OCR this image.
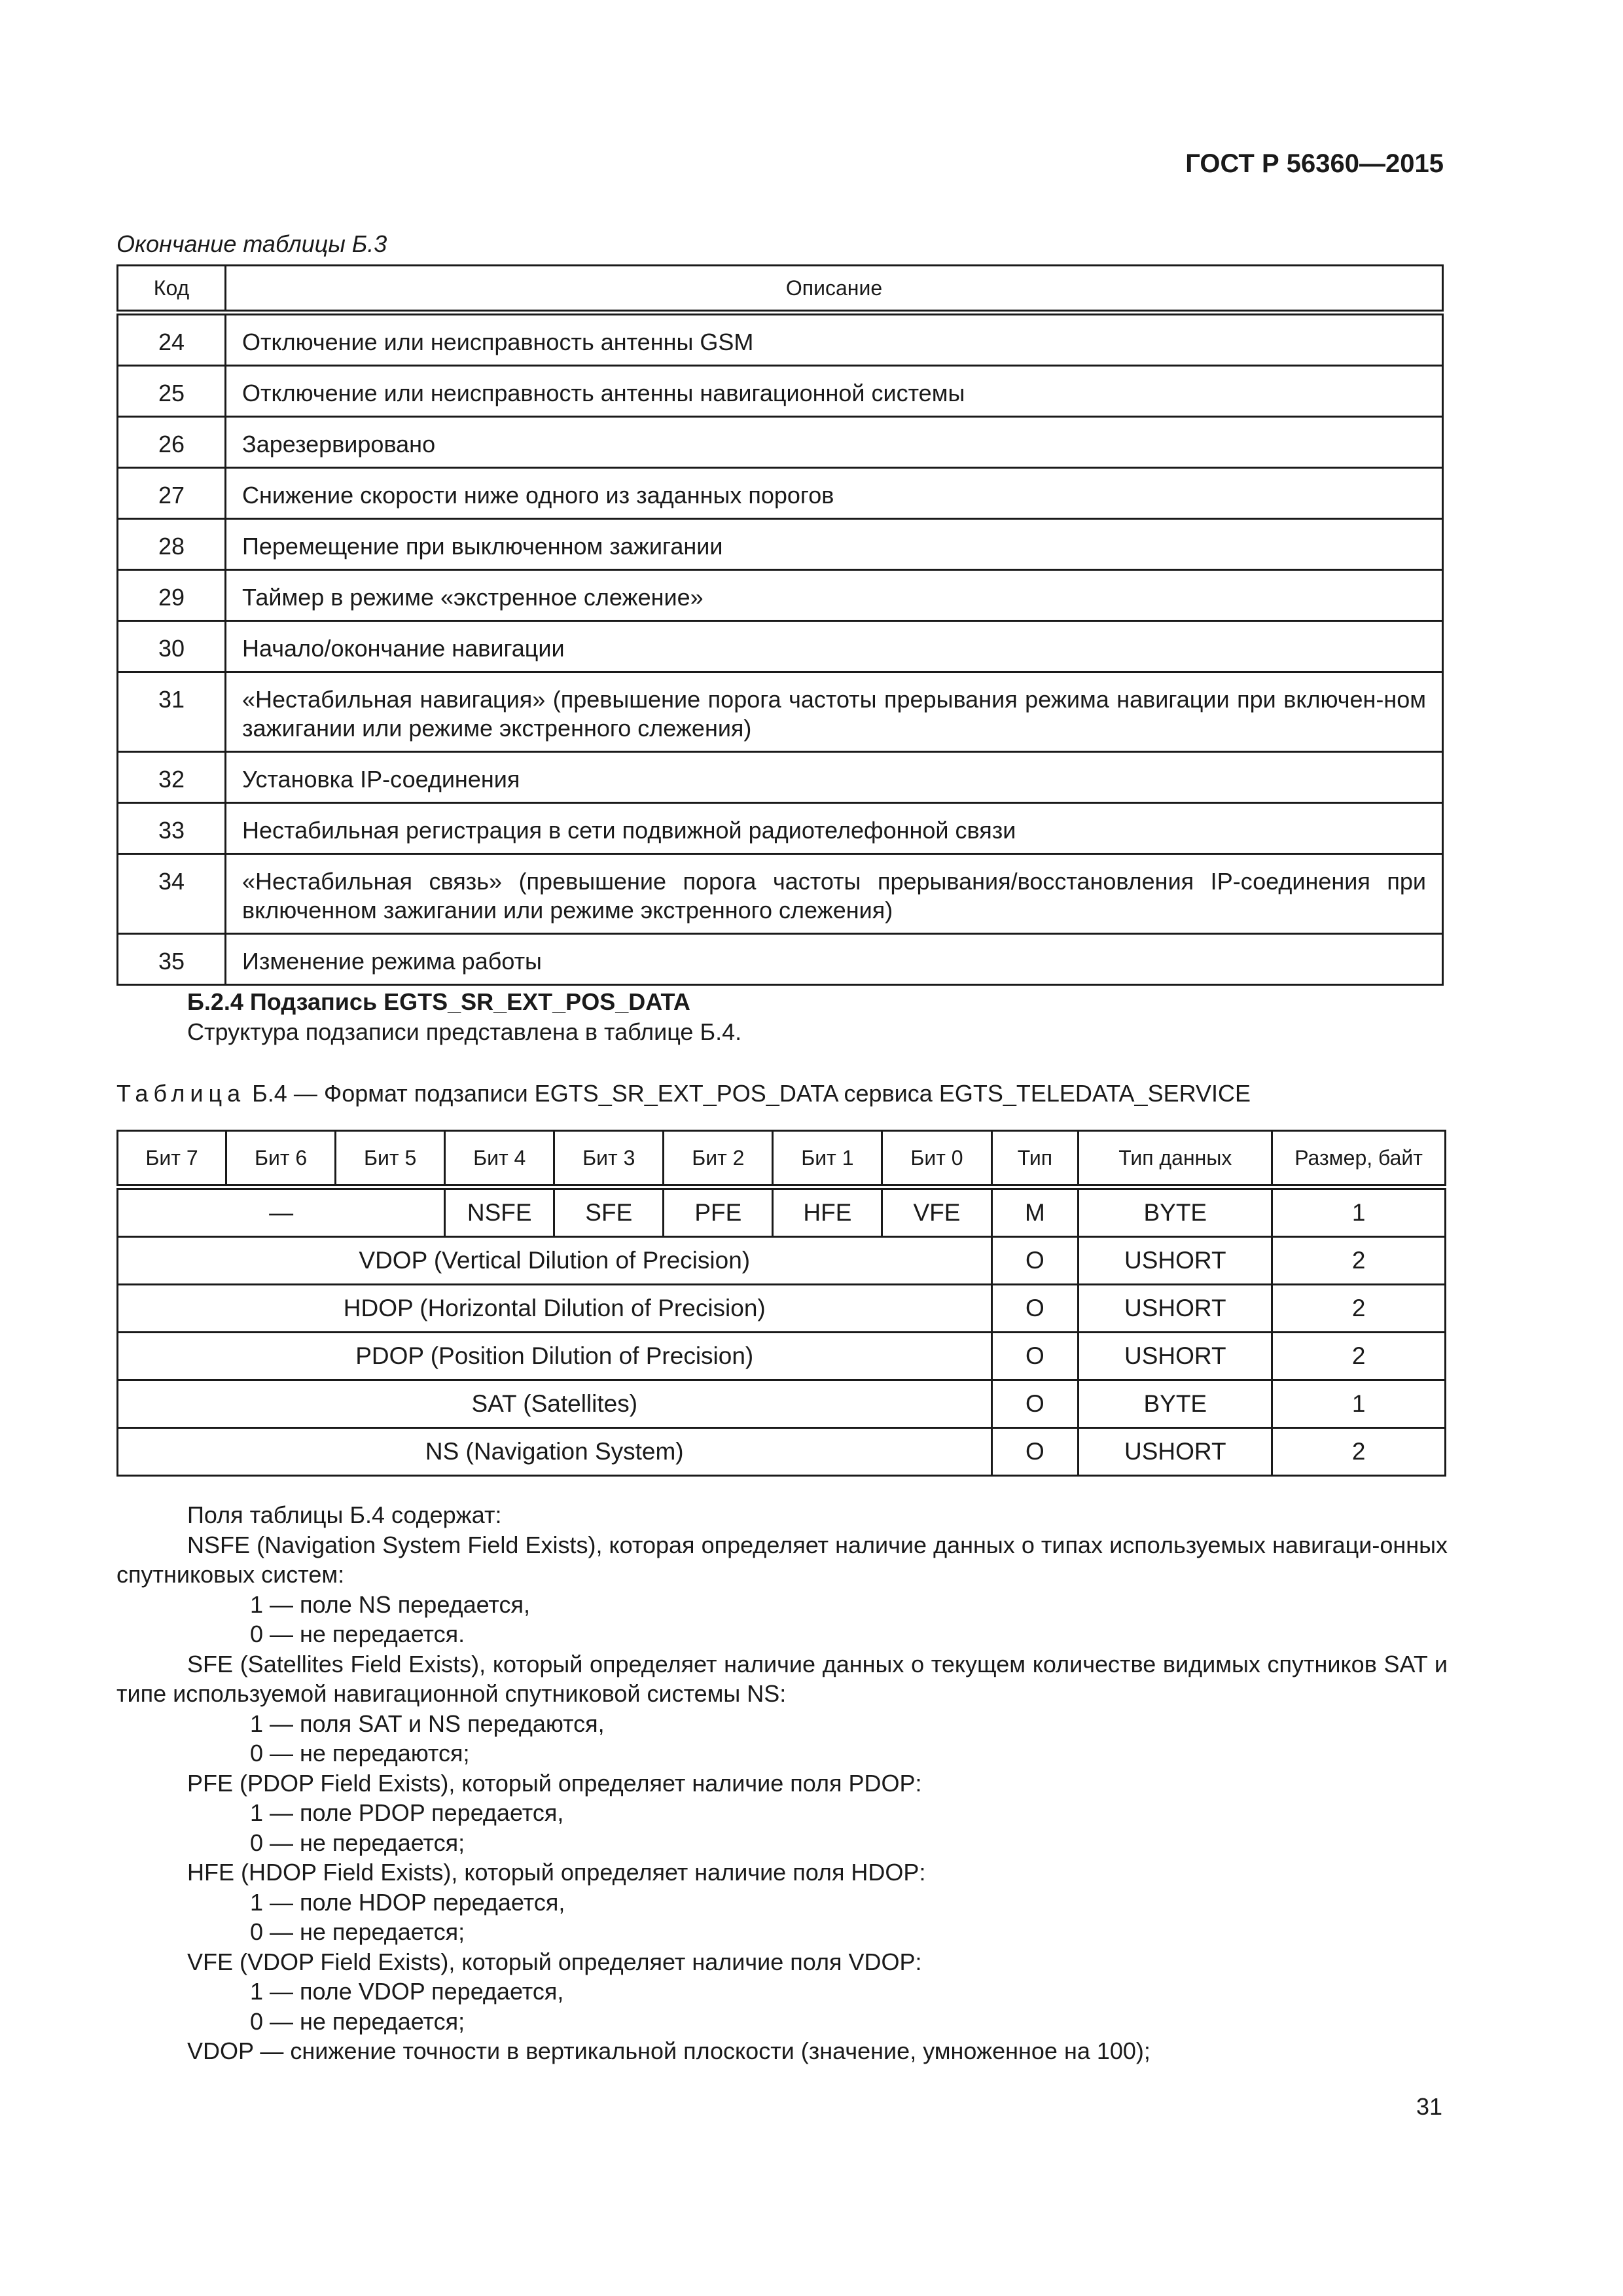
ГОСТ Р 56360—2015
Окончание таблицы Б.3
Код	Описание
24	Отключение или неисправность антенны GSM
25	Отключение или неисправность антенны навигационной системы
26	Зарезервировано
27	Снижение скорости ниже одного из заданных порогов
28	Перемещение при выключенном зажигании
29	Таймер в режиме «экстренное слежение»
30	Начало/окончание навигации
31	«Нестабильная навигация» (превышение порога частоты прерывания режима навигации при включен-ном зажигании или режиме экстренного слежения)
32	Установка IP-соединения
33	Нестабильная регистрация в сети подвижной радиотелефонной связи
34	«Нестабильная связь» (превышение порога частоты прерывания/восстановления IP-соединения при включенном зажигании или режиме экстренного слежения)
35	Изменение режима работы
Б.2.4 Подзапись EGTS_SR_EXT_POS_DATA
Структура подзаписи представлена в таблице Б.4.
Таблица Б.4 — Формат подзаписи EGTS_SR_EXT_POS_DATA сервиса EGTS_TELEDATA_SERVICE
Бит 7	Бит 6	Бит 5	Бит 4	Бит 3	Бит 2	Бит 1	Бит 0	Тип	Тип данных	Размер, байт
—			NSFE	SFE	PFE	HFE	VFE	M	BYTE	1
VDOP (Vertical Dilution of Precision)								O	USHORT	2
HDOP (Horizontal Dilution of Precision)								O	USHORT	2
PDOP (Position Dilution of Precision)								O	USHORT	2
SAT (Satellites)								O	BYTE	1
NS (Navigation System)								O	USHORT	2

Поля таблицы Б.4 содержат:

NSFE (Navigation System Field Exists), которая определяет наличие данных о типах используемых навигаци-онных спутниковых систем:

1 — поле NS передается,

0 — не передается.

SFE (Satellites Field Exists), который определяет наличие данных о текущем количестве видимых спутников SAT и типе используемой навигационной спутниковой системы NS:

1 — поля SAT и NS передаются,

0 — не передаются;

PFE (PDOP Field Exists), который определяет наличие поля PDOP:

1 — поле PDOP передается,

0 — не передается;

HFE (HDOP Field Exists), который определяет наличие поля HDOP:

1 — поле HDOP передается,

0 — не передается;

VFE (VDOP Field Exists), который определяет наличие поля VDOP:

1 — поле VDOP передается,

0 — не передается;

VDOP — снижение точности в вертикальной плоскости (значение, умноженное на 100);

31
